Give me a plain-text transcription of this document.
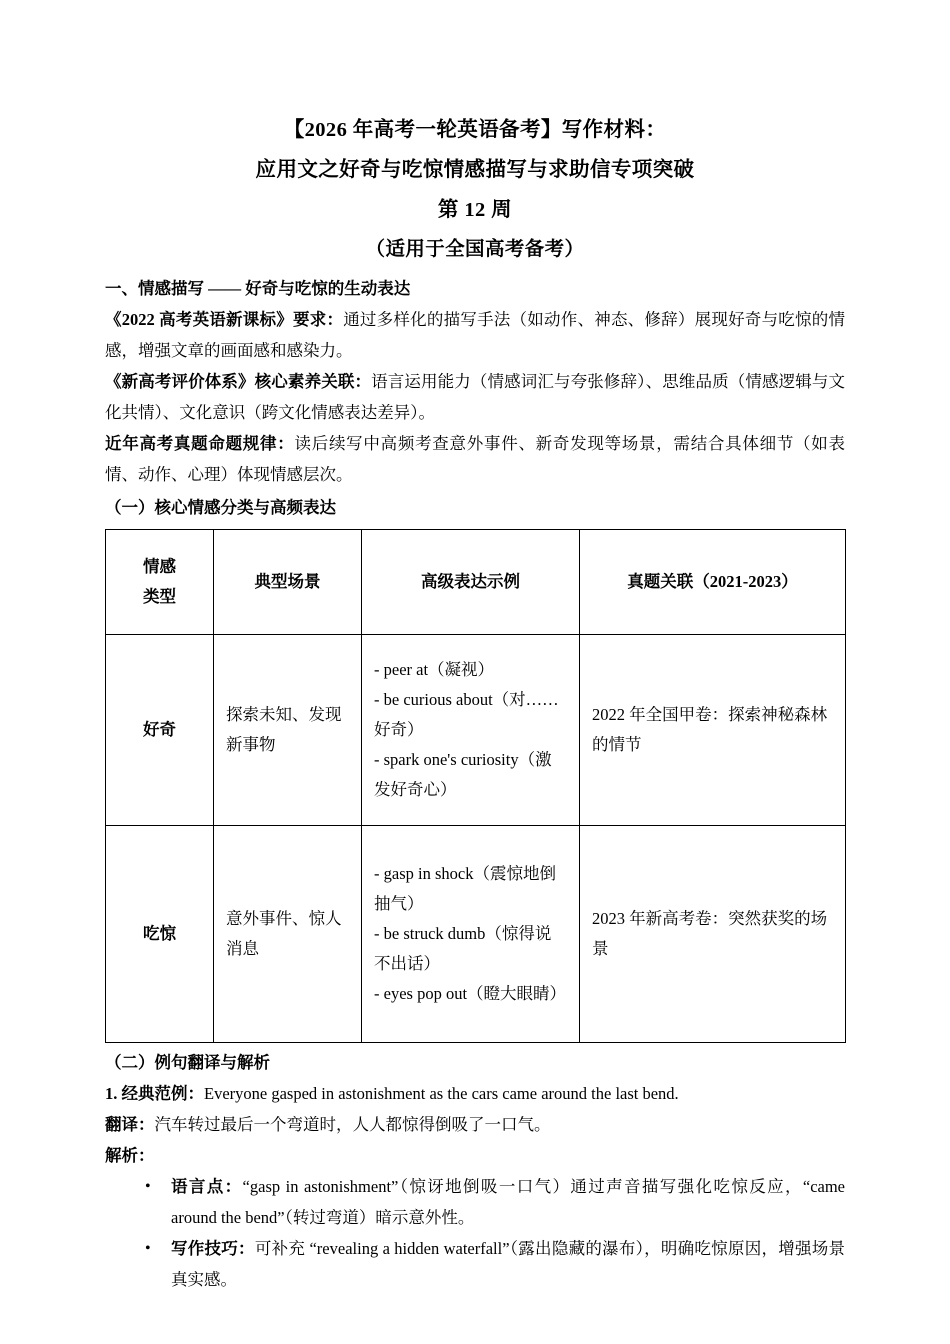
【2026 年高考一轮英语备考】写作材料：
应用文之好奇与吃惊情感描写与求助信专项突破
第 12 周
（适用于全国高考备考）
一、情感描写 —— 好奇与吃惊的生动表达
《2022 高考英语新课标》要求：通过多样化的描写手法（如动作、神态、修辞）展现好奇与吃惊的情感，增强文章的画面感和感染力。
《新高考评价体系》核心素养关联：语言运用能力（情感词汇与夸张修辞）、思维品质（情感逻辑与文化共情）、文化意识（跨文化情感表达差异）。
近年高考真题命题规律：读后续写中高频考查意外事件、新奇发现等场景，需结合具体细节（如表情、动作、心理）体现情感层次。
（一）核心情感分类与高频表达
情感
类型	典型场景	高级表达示例	真题关联（2021-2023）
好奇	探索未知、发现新事物	- peer at（凝视）
- be curious about（对……好奇）
- spark one's curiosity（激发好奇心）	2022 年全国甲卷：探索神秘森林的情节
吃惊	意外事件、惊人消息	- gasp in shock（震惊地倒抽气）
- be struck dumb（惊得说不出话）
- eyes pop out（瞪大眼睛）	2023 年新高考卷：突然获奖的场景
（二）例句翻译与解析
1. 经典范例：Everyone gasped in astonishment as the cars came around the last bend.
翻译：汽车转过最后一个弯道时，人人都惊得倒吸了一口气。
解析：
• 语言点：“gasp in astonishment”（惊讶地倒吸一口气）通过声音描写强化吃惊反应，“came around the bend”（转过弯道）暗示意外性。
• 写作技巧：可补充 “revealing a hidden waterfall”（露出隐藏的瀑布），明确吃惊原因，增强场景真实感。
